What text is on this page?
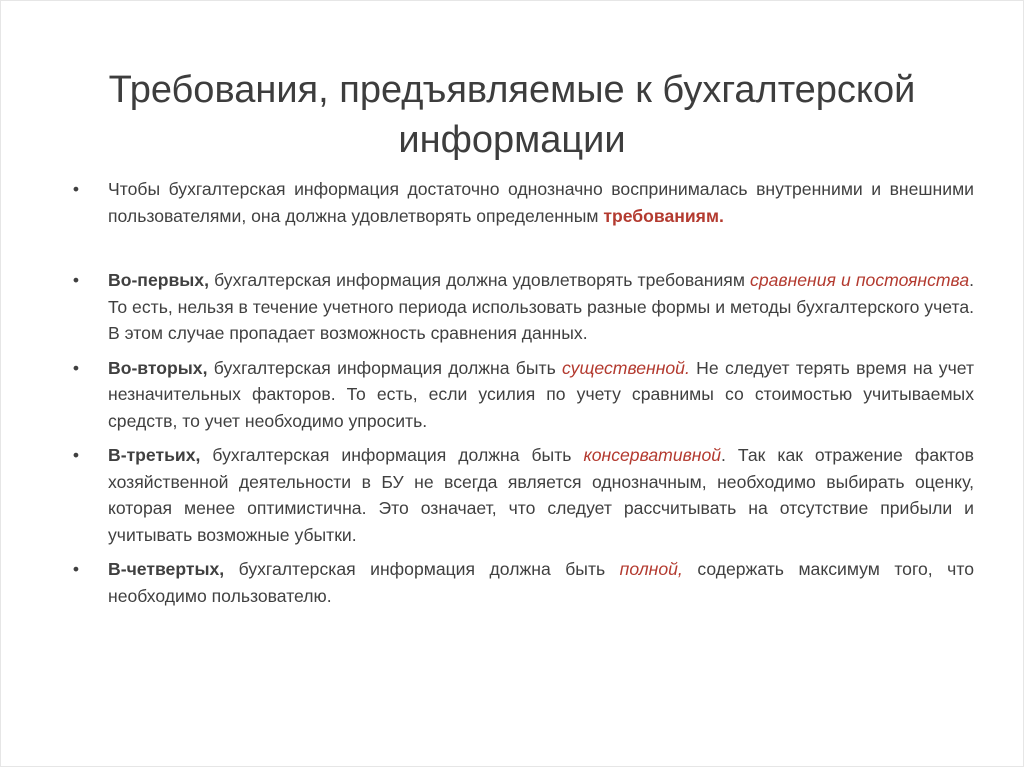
Требования, предъявляемые к бухгалтерской информации
• Чтобы бухгалтерская информация достаточно однозначно воспринималась внутренними и внешними пользователями, она должна удовлетворять определенным требованиям.
• Во-первых, бухгалтерская информация должна удовлетворять требованиям сравнения и постоянства. То есть, нельзя в течение учетного периода использовать разные формы и методы бухгалтерского учета. В этом случае пропадает возможность сравнения данных.
• Во-вторых, бухгалтерская информация должна быть существенной. Не следует терять время на учет незначительных факторов. То есть, если усилия по учету сравнимы со стоимостью учитываемых средств, то учет необходимо упросить.
• В-третьих, бухгалтерская информация должна быть консервативной. Так как отражение фактов хозяйственной деятельности в БУ не всегда является однозначным, необходимо выбирать оценку, которая менее оптимистична. Это означает, что следует рассчитывать на отсутствие прибыли и учитывать возможные убытки.
• В-четвертых, бухгалтерская информация должна быть полной, содержать максимум того, что необходимо пользователю.
